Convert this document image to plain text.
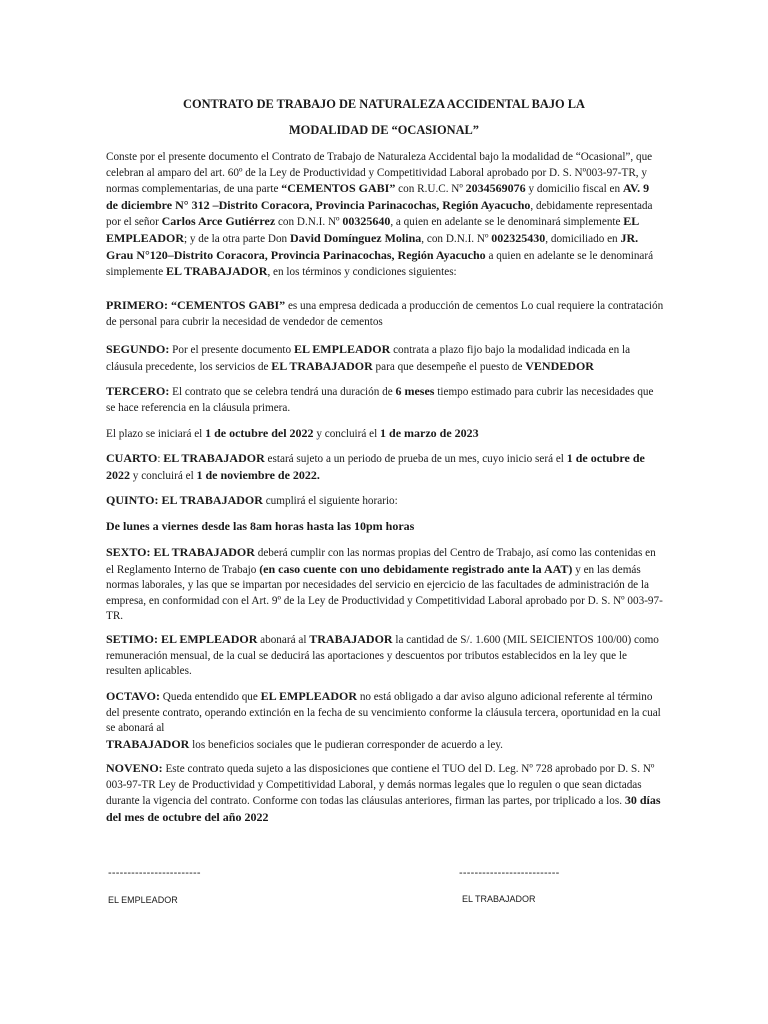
CONTRATO DE TRABAJO DE NATURALEZA ACCIDENTAL BAJO LA
MODALIDAD DE “OCASIONAL”

Conste por el presente documento el Contrato de Trabajo de Naturaleza Accidental bajo la modalidad de “Ocasional”, que celebran al amparo del art. 60º de la Ley de Productividad y Competitividad Laboral aprobado por D. S. Nº003-97-TR, y normas complementarias, de una parte “CEMENTOS GABI” con R.U.C. Nº 2034569076 y domicilio fiscal en AV. 9 de diciembre N° 312 –Distrito Coracora, Provincia Parinacochas, Región Ayacucho, debidamente representada por el señor Carlos Arce Gutiérrez con D.N.I. Nº 00325640, a quien en adelante se le denominará simplemente EL EMPLEADOR; y de la otra parte Don David Domínguez Molina, con D.N.I. Nº 002325430, domiciliado en JR. Grau N°120–Distrito Coracora, Provincia Parinacochas, Región Ayacucho a quien en adelante se le denominará simplemente EL TRABAJADOR, en los términos y condiciones siguientes:

PRIMERO: “CEMENTOS GABI” es una empresa dedicada a producción de cementos Lo cual requiere la contratación de personal para cubrir la necesidad de vendedor de cementos

SEGUNDO: Por el presente documento EL EMPLEADOR contrata a plazo fijo bajo la modalidad indicada en la cláusula precedente, los servicios de EL TRABAJADOR para que desempeñe el puesto de VENDEDOR

TERCERO: El contrato que se celebra tendrá una duración de 6 meses tiempo estimado para cubrir las necesidades que se hace referencia en la cláusula primera.

El plazo se iniciará el 1 de octubre del 2022 y concluirá el 1 de marzo de 2023

CUARTO: EL TRABAJADOR estará sujeto a un periodo de prueba de un mes, cuyo inicio será el 1 de octubre de 2022 y concluirá el 1 de noviembre de 2022.

QUINTO: EL TRABAJADOR cumplirá el siguiente horario:

De lunes a viernes desde las 8am horas hasta las 10pm horas

SEXTO: EL TRABAJADOR deberá cumplir con las normas propias del Centro de Trabajo, así como las contenidas en el Reglamento Interno de Trabajo (en caso cuente con uno debidamente registrado ante la AAT) y en las demás normas laborales, y las que se impartan por necesidades del servicio en ejercicio de las facultades de administración de la empresa, en conformidad con el Art. 9º de la Ley de Productividad y Competitividad Laboral aprobado por D. S. Nº 003-97-TR.

SETIMO: EL EMPLEADOR abonará al TRABAJADOR la cantidad de S/. 1.600 (MIL SEICIENTOS 100/00) como remuneración mensual, de la cual se deducirá las aportaciones y descuentos por tributos establecidos en la ley que le resulten aplicables.

OCTAVO: Queda entendido que EL EMPLEADOR no está obligado a dar aviso alguno adicional referente al término del presente contrato, operando extinción en la fecha de su vencimiento conforme la cláusula tercera, oportunidad en la cual se abonará al
TRABAJADOR los beneficios sociales que le pudieran corresponder de acuerdo a ley.

NOVENO: Este contrato queda sujeto a las disposiciones que contiene el TUO del D. Leg. Nº 728 aprobado por D. S. Nº 003-97-TR Ley de Productividad y Competitividad Laboral, y demás normas legales que lo regulen o que sean dictadas durante la vigencia del contrato. Conforme con todas las cláusulas anteriores, firman las partes, por triplicado a los. 30 días del mes de octubre del año 2022

------------------------	--------------------------
EL EMPLEADOR	EL TRABAJADOR
